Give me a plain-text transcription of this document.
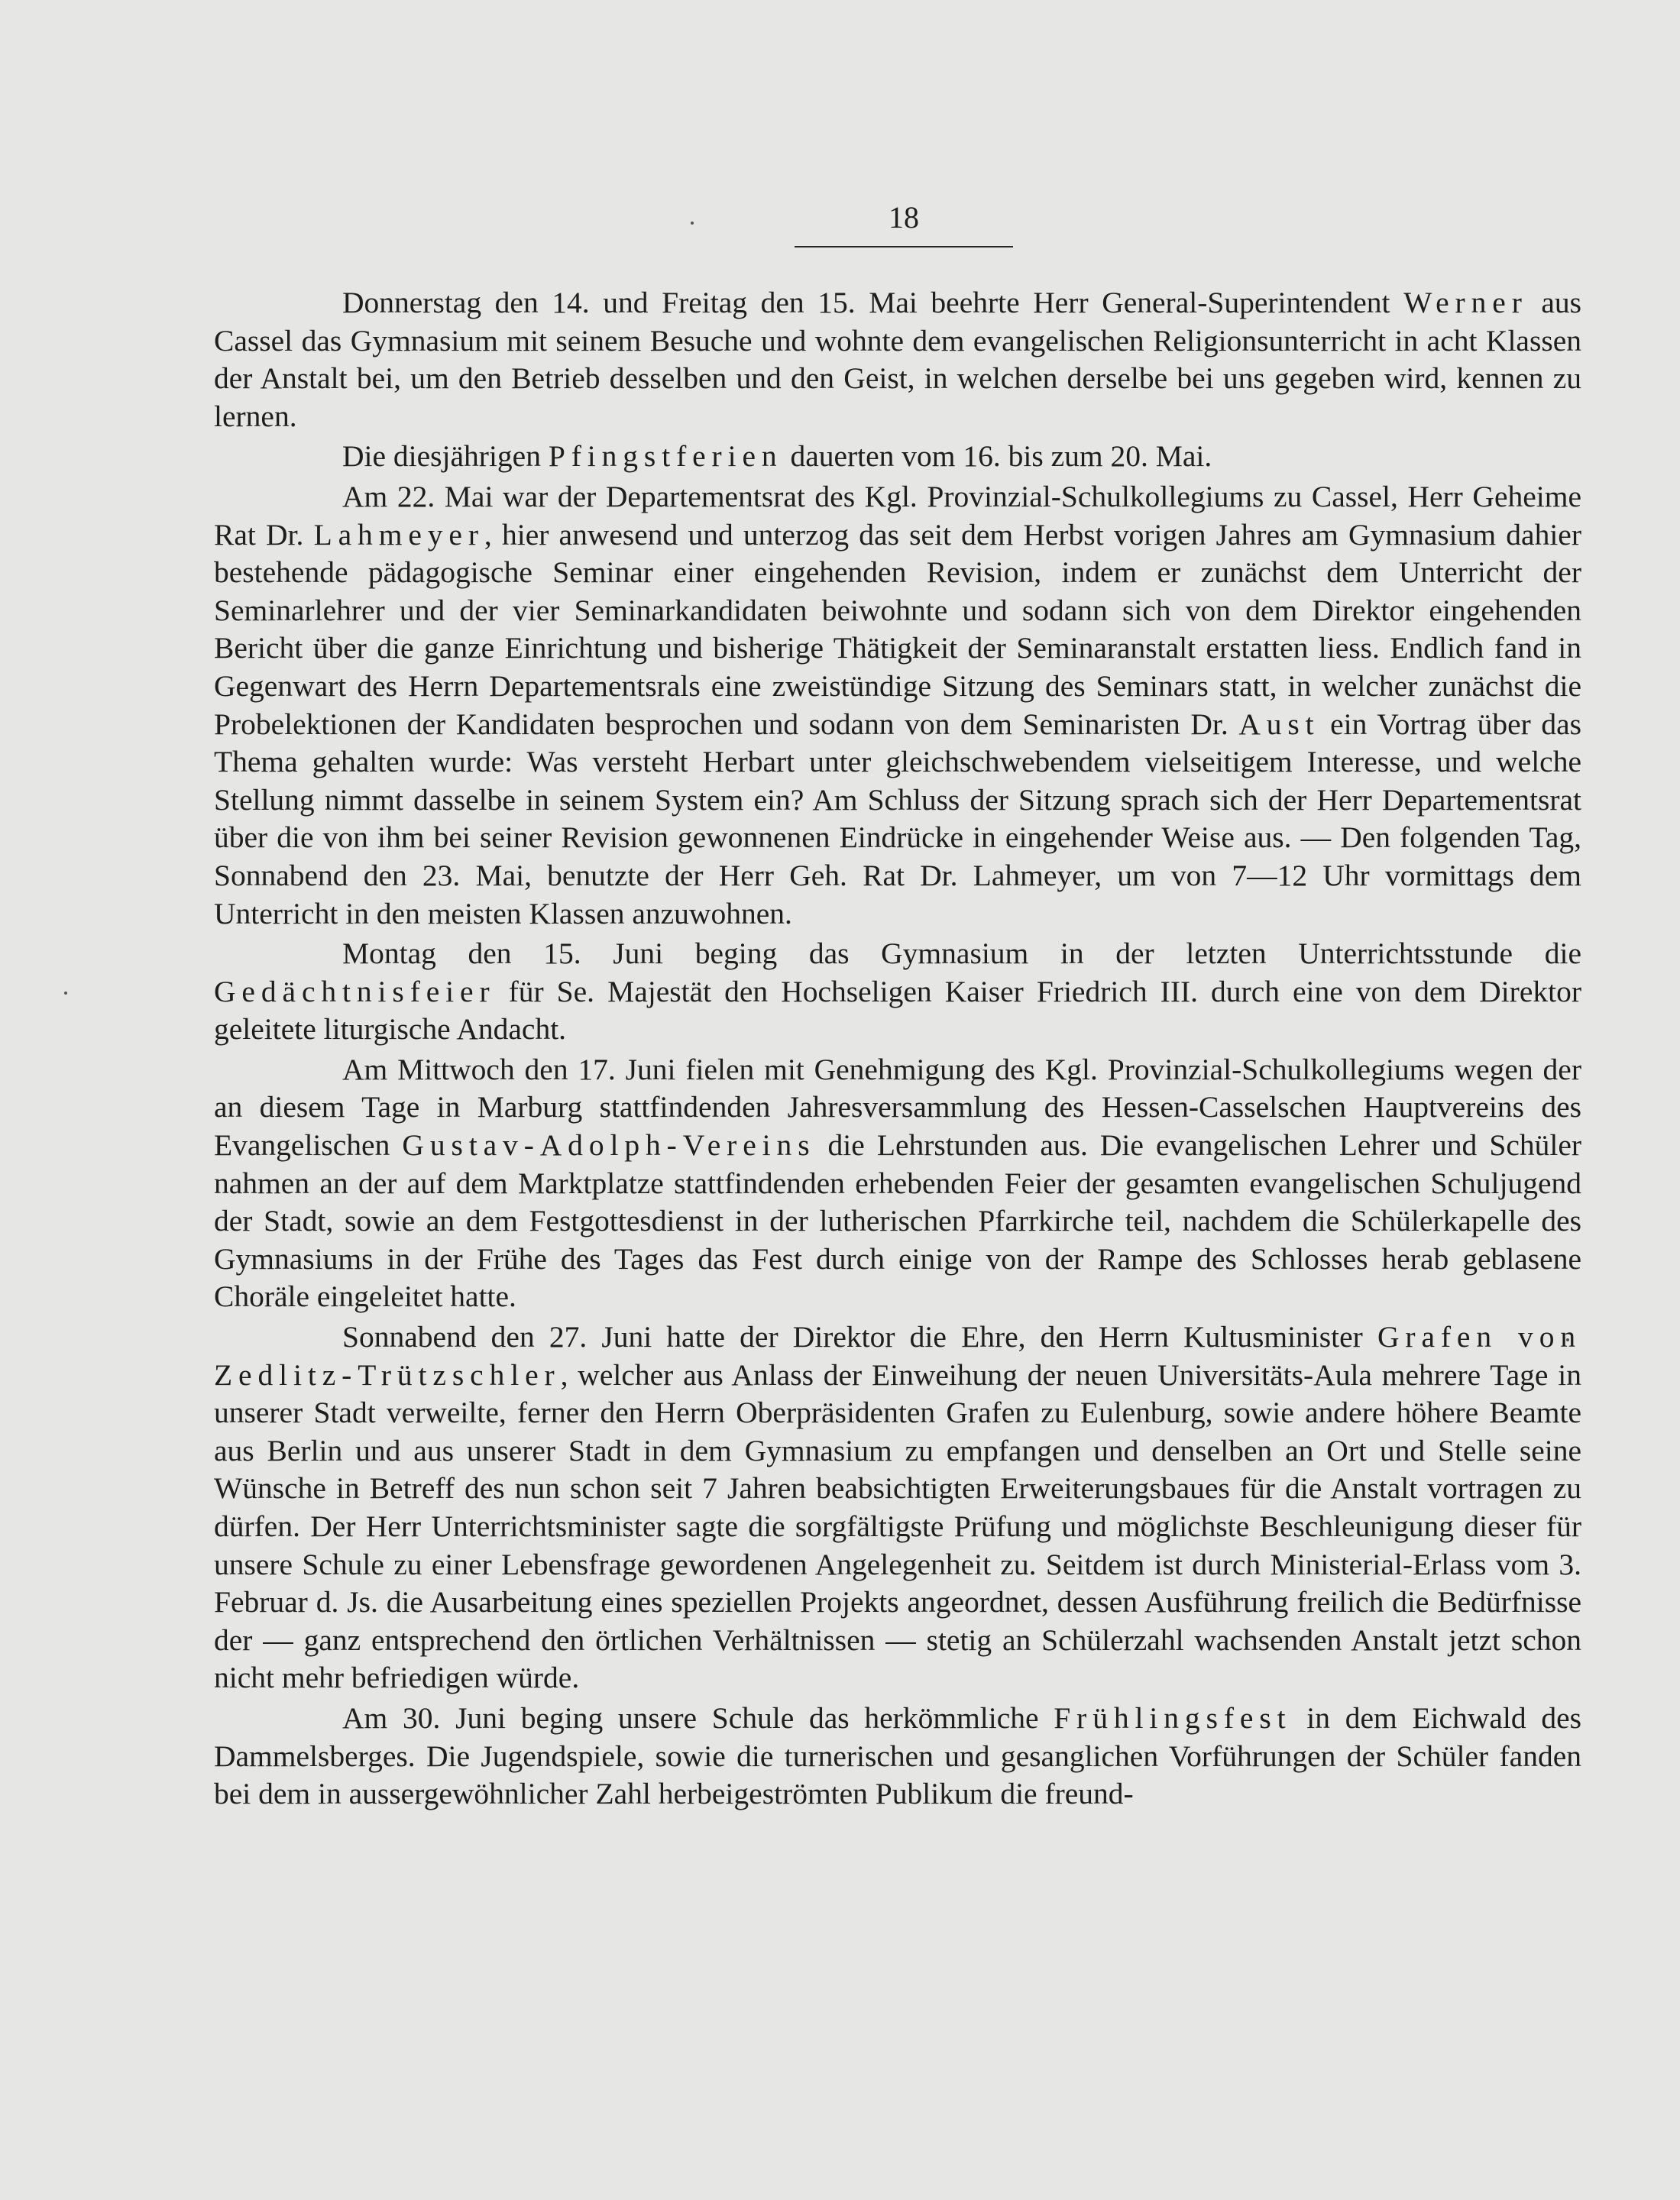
18

Donnerstag den 14. und Freitag den 15. Mai beehrte Herr General-Superintendent Werner aus Cassel das Gymnasium mit seinem Besuche und wohnte dem evangelischen Religionsunterricht in acht Klassen der Anstalt bei, um den Betrieb desselben und den Geist, in welchen derselbe bei uns gegeben wird, kennen zu lernen.

Die diesjährigen Pfingstferien dauerten vom 16. bis zum 20. Mai.

Am 22. Mai war der Departementsrat des Kgl. Provinzial-Schulkollegiums zu Cassel, Herr Geheime Rat Dr. Lahmeyer, hier anwesend und unterzog das seit dem Herbst vorigen Jahres am Gymnasium dahier bestehende pädagogische Seminar einer eingehenden Revision, indem er zunächst dem Unterricht der Seminarlehrer und der vier Seminarkandidaten beiwohnte und sodann sich von dem Direktor eingehenden Bericht über die ganze Einrichtung und bisherige Thätigkeit der Seminaranstalt erstatten liess. Endlich fand in Gegenwart des Herrn Departementsrals eine zweistündige Sitzung des Seminars statt, in welcher zunächst die Probelektionen der Kandidaten besprochen und sodann von dem Seminaristen Dr. Aust ein Vortrag über das Thema gehalten wurde: Was versteht Herbart unter gleichschwebendem vielseitigem Interesse, und welche Stellung nimmt dasselbe in seinem System ein? Am Schluss der Sitzung sprach sich der Herr Departementsrat über die von ihm bei seiner Revision gewonnenen Eindrücke in eingehender Weise aus. — Den folgenden Tag, Sonnabend den 23. Mai, benutzte der Herr Geh. Rat Dr. Lahmeyer, um von 7—12 Uhr vormittags dem Unterricht in den meisten Klassen anzuwohnen.

Montag den 15. Juni beging das Gymnasium in der letzten Unterrichtsstunde die Gedächtnisfeier für Se. Majestät den Hochseligen Kaiser Friedrich III. durch eine von dem Direktor geleitete liturgische Andacht.

Am Mittwoch den 17. Juni fielen mit Genehmigung des Kgl. Provinzial-Schulkollegiums wegen der an diesem Tage in Marburg stattfindenden Jahresversammlung des Hessen-Casselschen Hauptvereins des Evangelischen Gustav-Adolph-Vereins die Lehrstunden aus. Die evangelischen Lehrer und Schüler nahmen an der auf dem Marktplatze stattfindenden erhebenden Feier der gesamten evangelischen Schuljugend der Stadt, sowie an dem Festgottesdienst in der lutherischen Pfarrkirche teil, nachdem die Schülerkapelle des Gymnasiums in der Frühe des Tages das Fest durch einige von der Rampe des Schlosses herab geblasene Choräle eingeleitet hatte.

Sonnabend den 27. Juni hatte der Direktor die Ehre, den Herrn Kultusminister Grafen von Zedlitz-Trützschler, welcher aus Anlass der Einweihung der neuen Universitäts-Aula mehrere Tage in unserer Stadt verweilte, ferner den Herrn Oberpräsidenten Grafen zu Eulenburg, sowie andere höhere Beamte aus Berlin und aus unserer Stadt in dem Gymnasium zu empfangen und denselben an Ort und Stelle seine Wünsche in Betreff des nun schon seit 7 Jahren beabsichtigten Erweiterungsbaues für die Anstalt vortragen zu dürfen. Der Herr Unterrichtsminister sagte die sorgfältigste Prüfung und möglichste Beschleunigung dieser für unsere Schule zu einer Lebensfrage gewordenen Angelegenheit zu. Seitdem ist durch Ministerial-Erlass vom 3. Februar d. Js. die Ausarbeitung eines speziellen Projekts angeordnet, dessen Ausführung freilich die Bedürfnisse der — ganz entsprechend den örtlichen Verhältnissen — stetig an Schülerzahl wachsenden Anstalt jetzt schon nicht mehr befriedigen würde.

Am 30. Juni beging unsere Schule das herkömmliche Frühlingsfest in dem Eichwald des Dammelsberges. Die Jugendspiele, sowie die turnerischen und gesanglichen Vorführungen der Schüler fanden bei dem in aussergewöhnlicher Zahl herbeigeströmten Publikum die freund-
